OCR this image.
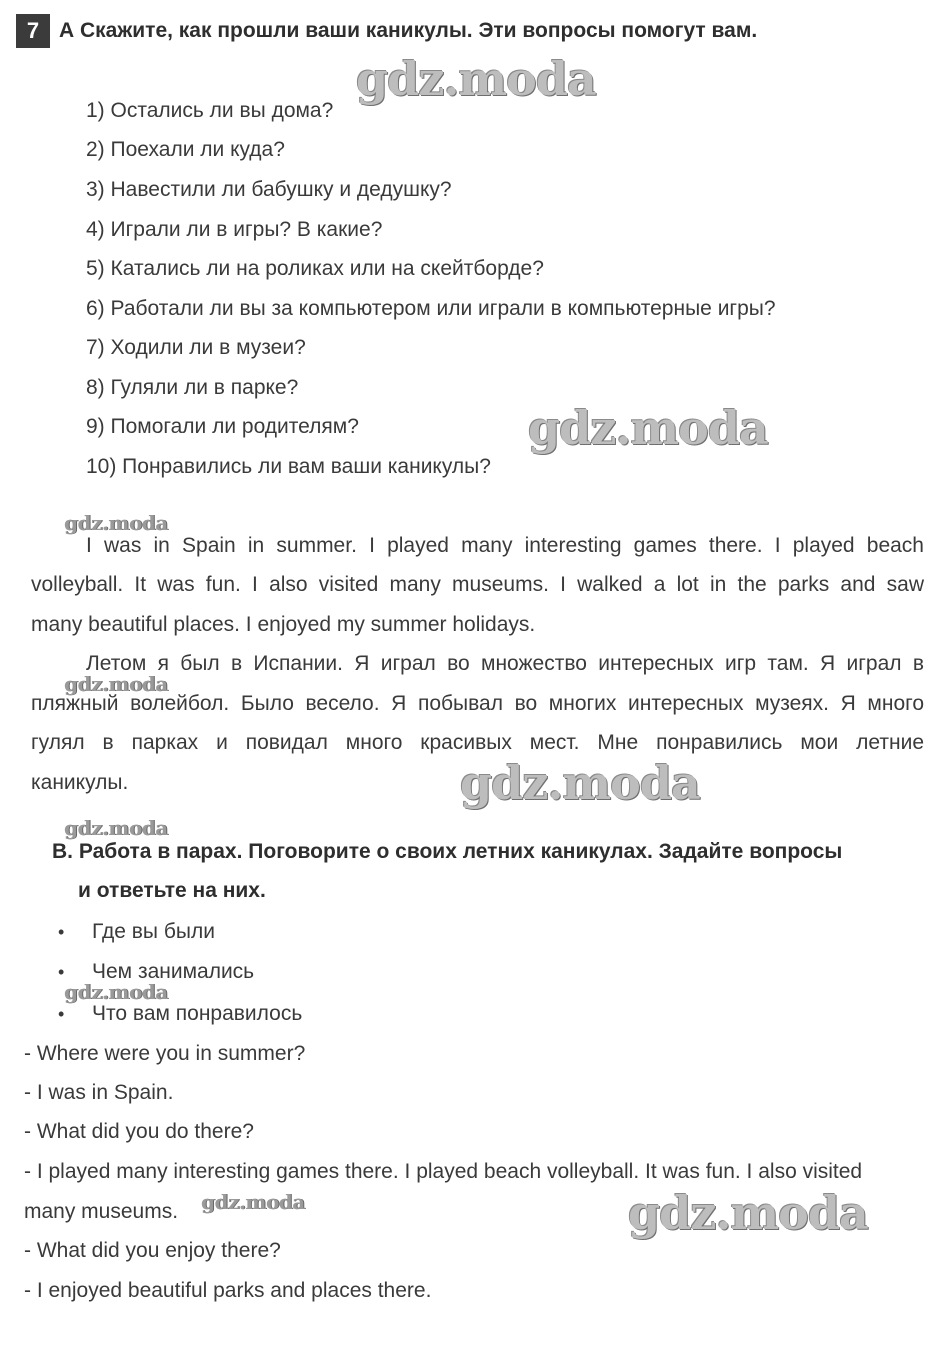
7 А Скажите, как прошли ваши каникулы. Эти вопросы помогут вам.
1) Остались ли вы дома?
2) Поехали ли куда?
3) Навестили ли бабушку и дедушку?
4) Играли ли в игры? В какие?
5) Катались ли на роликах или на скейтборде?
6) Работали ли вы за компьютером или играли в компьютерные игры?
7) Ходили ли в музеи?
8) Гуляли ли в парке?
9) Помогали ли родителям?
10) Понравились ли вам ваши каникулы?
I was in Spain in summer. I played many interesting games there. I played beach
volleyball. It was fun. I also visited many museums. I walked a lot in the parks and saw
many beautiful places. I enjoyed my summer holidays.
Летом я был в Испании. Я играл во множество интересных игр там. Я играл в
пляжный волейбол. Было весело. Я побывал во многих интересных музеях. Я много
гулял в парках и повидал много красивых мест. Мне понравились мои летние
каникулы.
В. Работа в парах. Поговорите о своих летних каникулах. Задайте вопросы
и ответьте на них.
• Где вы были
• Чем занимались
• Что вам понравилось
- Where were you in summer?
- I was in Spain.
- What did you do there?
- I played many interesting games there. I played beach volleyball. It was fun. I also visited
many museums.
- What did you enjoy there?
- I enjoyed beautiful parks and places there.
gdz.moda
gdz.moda
gdz.moda
gdz.moda
gdz.moda
gdz.moda
gdz.moda
gdz.moda
gdz.moda
